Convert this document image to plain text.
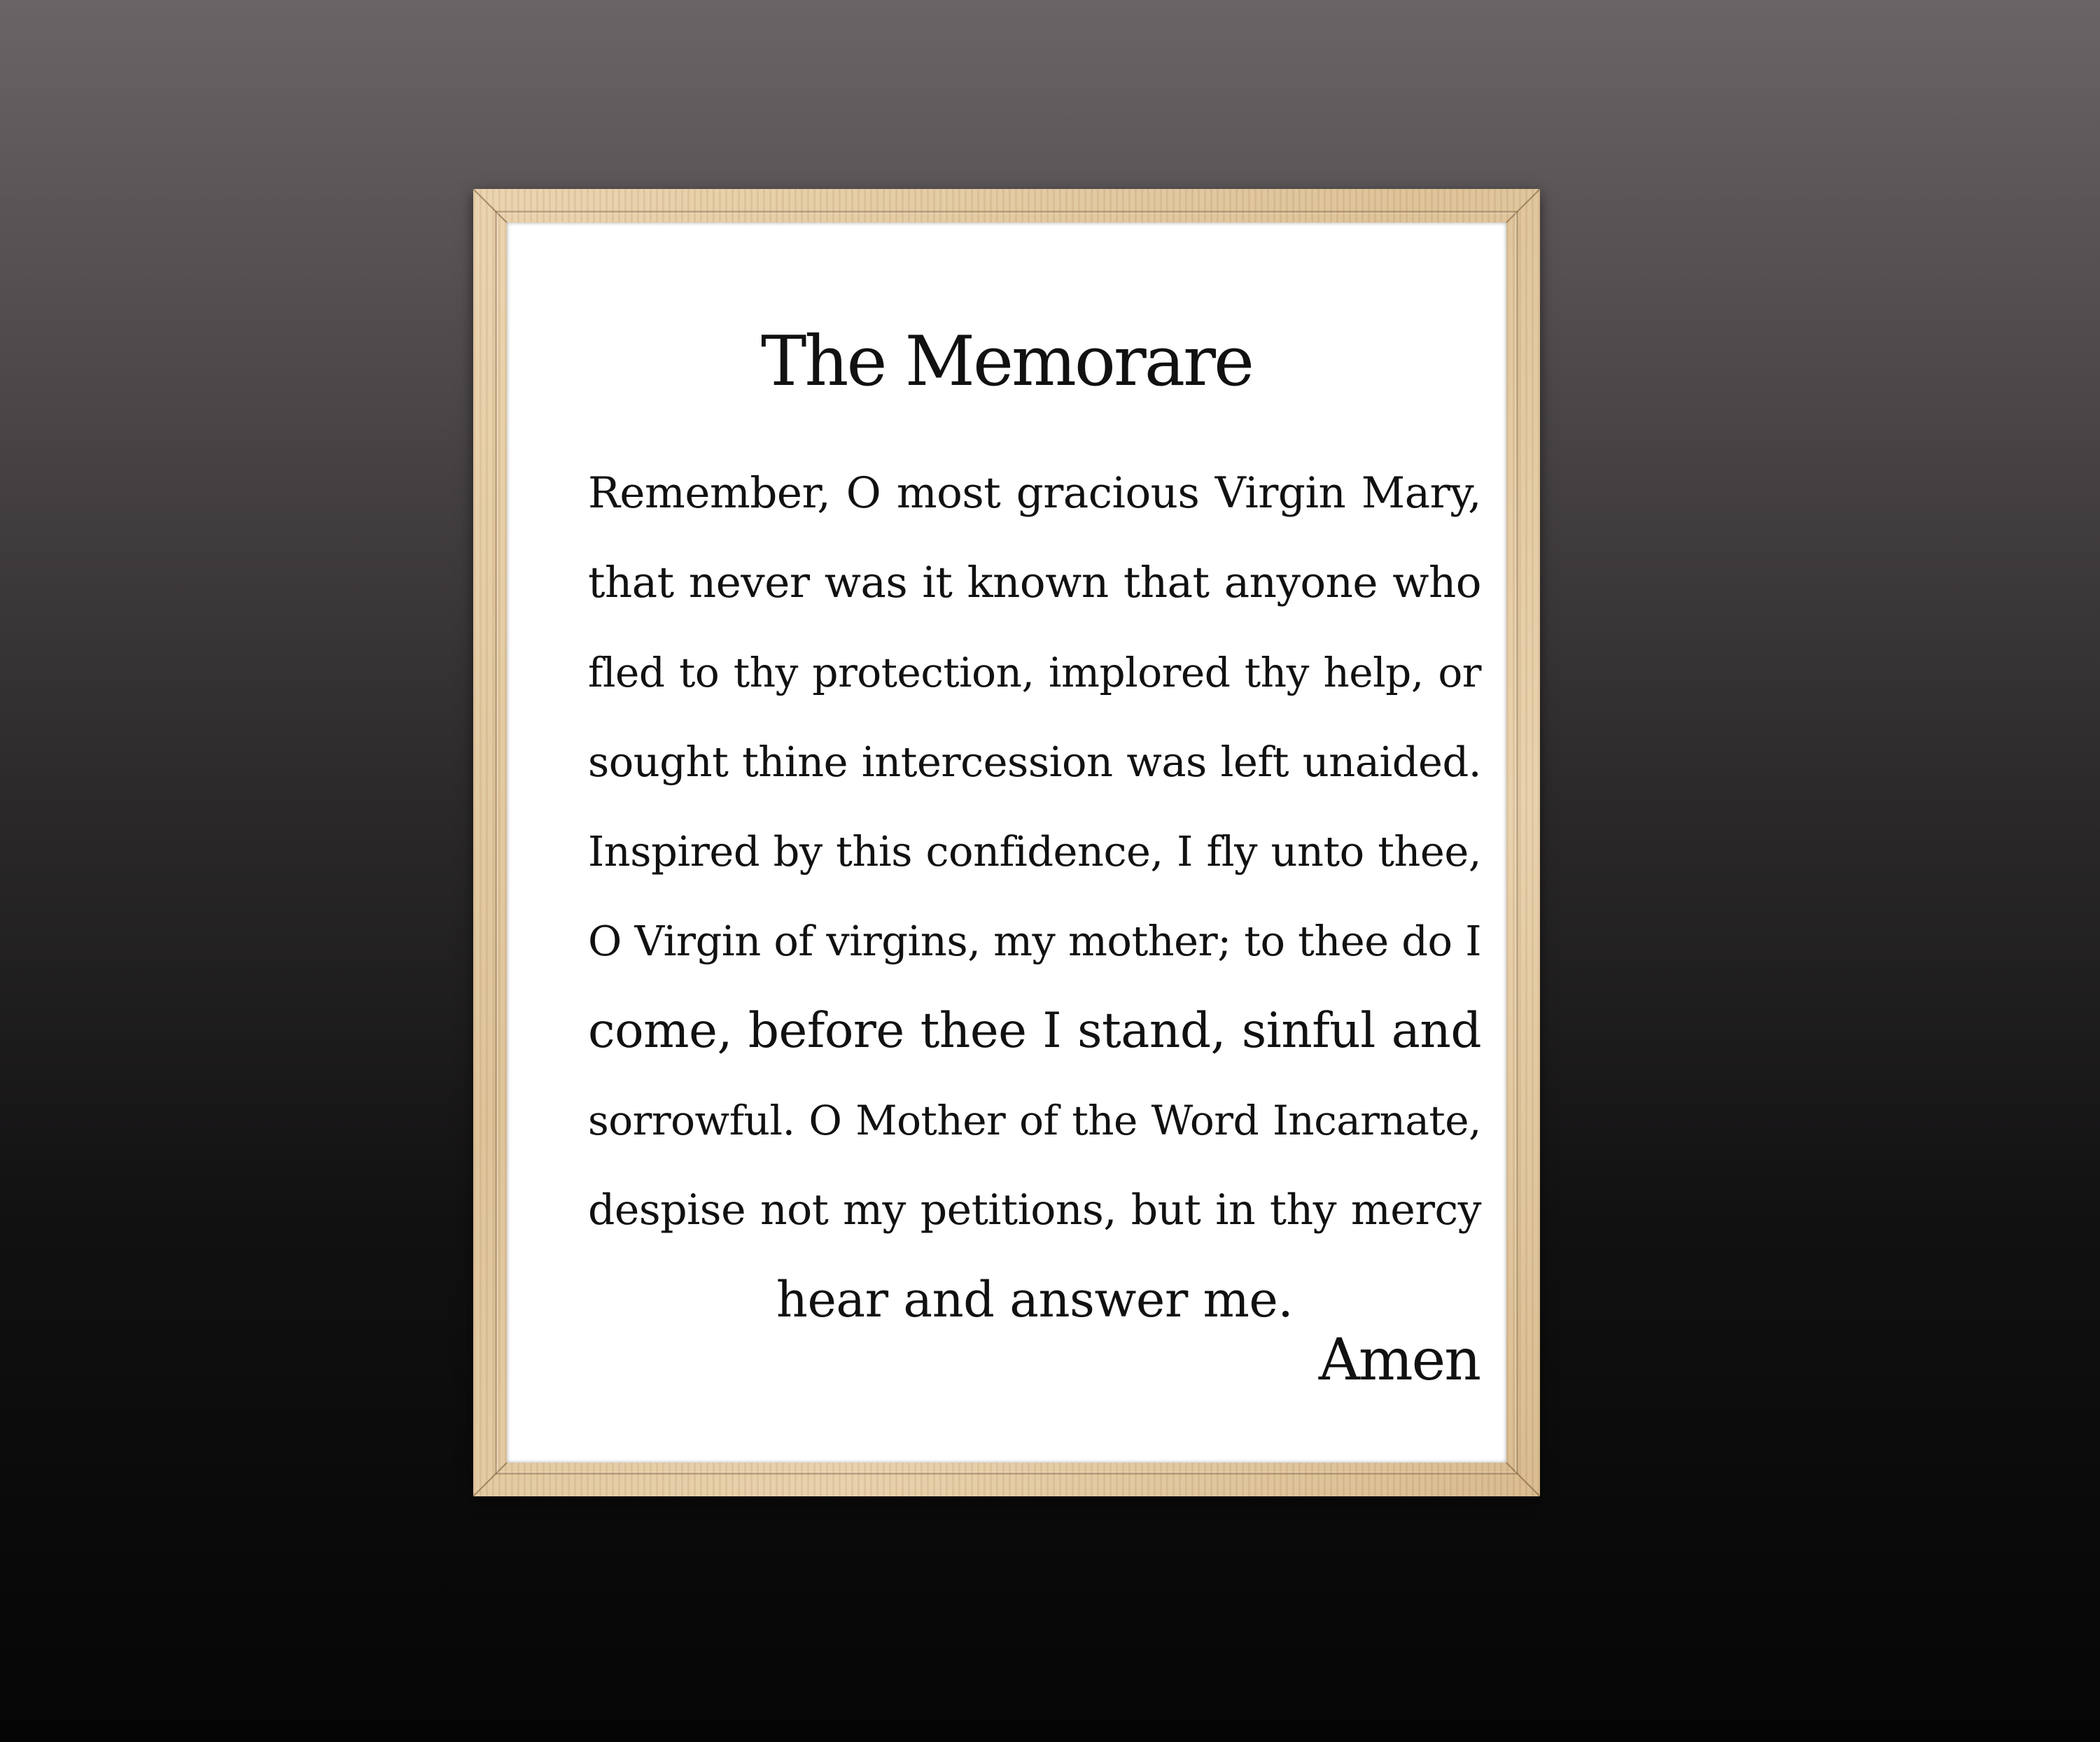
The Memorare
Remember, O most gracious Virgin Mary,
that never was it known that anyone who
fled to thy protection, implored thy help, or
sought thine intercession was left unaided.
Inspired by this confidence, I fly unto thee,
O Virgin of virgins, my mother; to thee do I
come, before thee I stand, sinful and
sorrowful. O Mother of the Word Incarnate,
despise not my petitions, but in thy mercy
hear and answer me.
Amen
